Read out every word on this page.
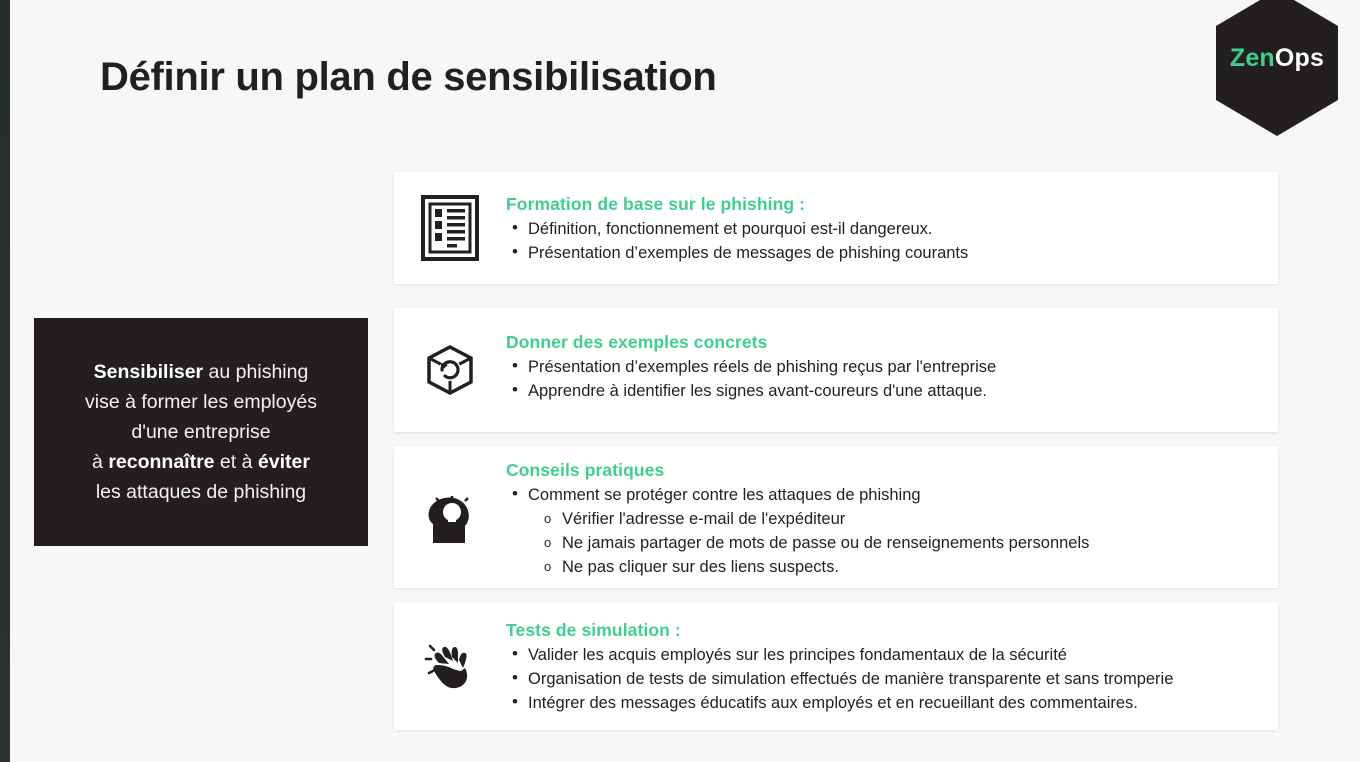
Définir un plan de sensibilisation	ZenOps

Sensibiliser au phishing
vise à former les employés
d'une entreprise
à reconnaître et à éviter
les attaques de phishing

Formation de base sur le phishing :

• Définition, fonctionnement et pourquoi est-il dangereux.
• Présentation d’exemples de messages de phishing courants

Donner des exemples concrets

• Présentation d’exemples réels de phishing reçus par l'entreprise
• Apprendre à identifier les signes avant-coureurs d'une attaque.

Conseils pratiques

• Comment se protéger contre les attaques de phishing
o Vérifier l'adresse e-mail de l'expéditeur
o Ne jamais partager de mots de passe ou de renseignements personnels
o Ne pas cliquer sur des liens suspects.

Tests de simulation :

• Valider les acquis employés sur les principes fondamentaux de la sécurité
• Organisation de tests de simulation effectués de manière transparente et sans tromperie
• Intégrer des messages éducatifs aux employés et en recueillant des commentaires.
